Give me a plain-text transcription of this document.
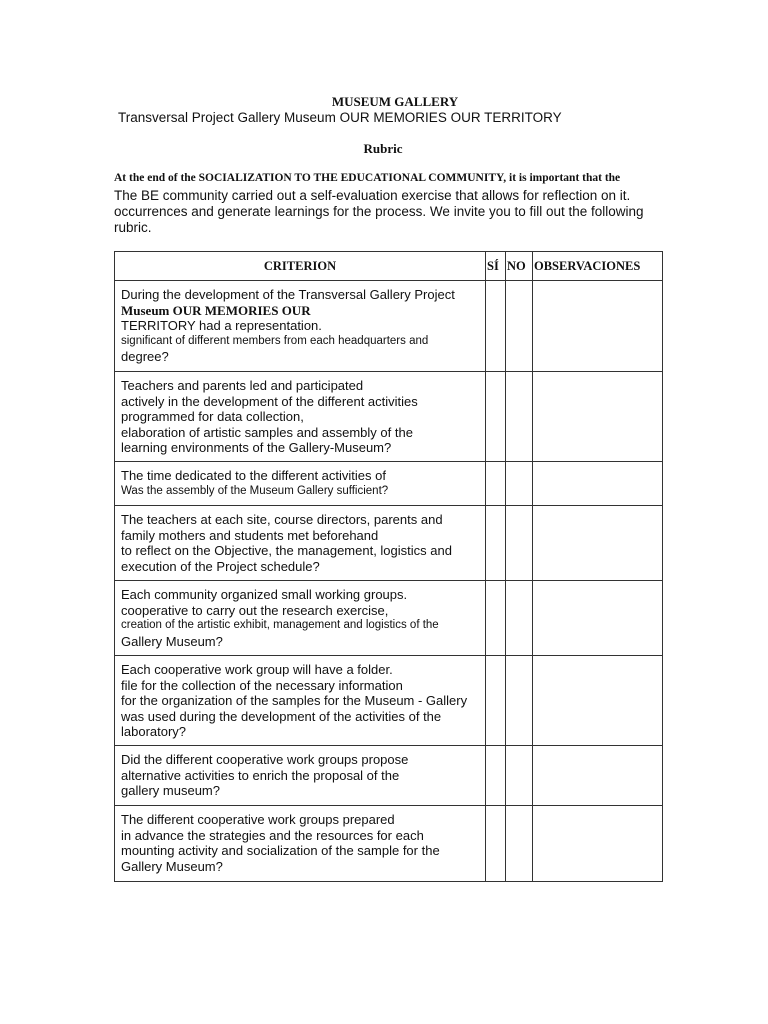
MUSEUM GALLERY
Transversal Project Gallery Museum OUR MEMORIES OUR TERRITORY
Rubric
At the end of the SOCIALIZATION TO THE EDUCATIONAL COMMUNITY, it is important that the
The BE community carried out a self-evaluation exercise that allows for reflection on it.
occurrences and generate learnings for the process. We invite you to fill out the following
rubric.
CRITERION	SÍ	NO	OBSERVACIONES

During the development of the Transversal Gallery Project
Museum OUR MEMORIES OUR
TERRITORY had a representation.
significant of different members from each headquarters and
degree?			

Teachers and parents led and participated
actively in the development of the different activities
programmed for data collection,
elaboration of artistic samples and assembly of the
learning environments of the Gallery-Museum?			

The time dedicated to the different activities of
Was the assembly of the Museum Gallery sufficient?			

The teachers at each site, course directors, parents and
family mothers and students met beforehand
to reflect on the Objective, the management, logistics and
execution of the Project schedule?			

Each community organized small working groups.
cooperative to carry out the research exercise,
creation of the artistic exhibit, management and logistics of the
Gallery Museum?			

Each cooperative work group will have a folder.
file for the collection of the necessary information
for the organization of the samples for the Museum - Gallery
was used during the development of the activities of the
laboratory?			

Did the different cooperative work groups propose
alternative activities to enrich the proposal of the
gallery museum?			

The different cooperative work groups prepared
in advance the strategies and the resources for each
mounting activity and socialization of the sample for the
Gallery Museum?			
